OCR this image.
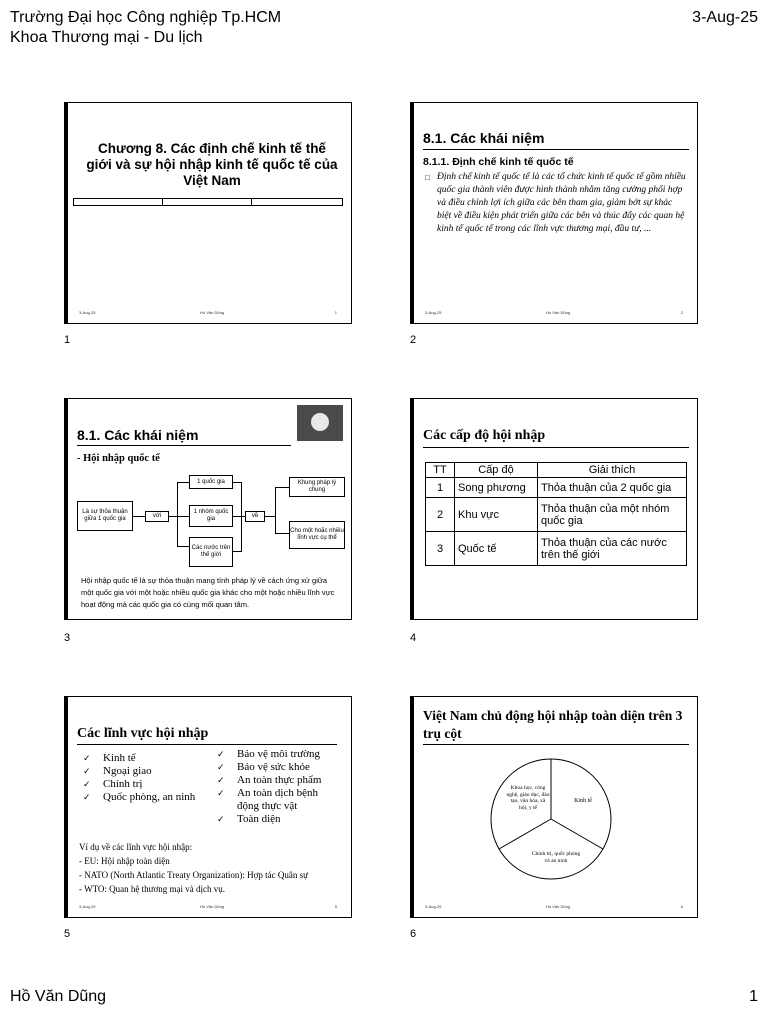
Trường Đại học Công nghiệp Tp.HCM
Khoa Thương mại - Du lịch
3-Aug-25
Chương 8. Các định chế kinh tế thế giới và sự hội nhập kinh tế quốc tế của Việt Nam
3-Aug-25	Hồ Văn Dũng	1
1
8.1. Các khái niệm
8.1.1. Định chế kinh tế quốc tế
□ Định chế kinh tế quốc tế là các tổ chức kinh tế quốc tế gồm nhiều quốc gia thành viên được hình thành nhằm tăng cường phối hợp và điều chỉnh lợi ích giữa các bên tham gia, giảm bớt sự khác biệt về điều kiện phát triển giữa các bên và thúc đẩy các quan hệ kinh tế quốc tế trong các lĩnh vực thương mại, đầu tư, ...
3-Aug-25	Hồ Văn Dũng	2
2
8.1. Các khái niệm
- Hội nhập quốc tế
Là sự thỏa thuận giữa 1 quốc gia	với
1 quốc gia
1 nhóm quốc gia
Các nước trên thế giới
về
Khung pháp lý chung
Cho một hoặc nhiều lĩnh vực cụ thể
Hội nhập quốc tế là sự thỏa thuận mang tính pháp lý về cách ứng xử giữa một quốc gia với một hoặc nhiều quốc gia khác cho một hoặc nhiều lĩnh vực hoạt động mà các quốc gia có cùng mối quan tâm.
3
Các cấp độ hội nhập
TT	Cấp độ	Giải thích
1	Song phương	Thỏa thuận của 2 quốc gia
2	Khu vực	Thỏa thuận của một nhóm quốc gia
3	Quốc tế	Thỏa thuận của các nước trên thế giới
4
Các lĩnh vực hội nhập
✓	Kinh tế
✓	Ngoại giao
✓	Chính trị
✓	Quốc phòng, an ninh
✓	Bảo vệ môi trường
✓	Bảo vệ sức khỏe
✓	An toàn thực phẩm
✓	An toàn dịch bệnh động thực vật
✓	Toàn diện
Ví dụ về các lĩnh vực hội nhập:
- EU: Hội nhập toàn diện
- NATO (North Atlantic Treaty Organization): Hợp tác Quân sự
- WTO: Quan hệ thương mại và dịch vụ.
3-Aug-25	Hồ Văn Dũng	5
5
Việt Nam chủ động hội nhập toàn diện trên 3 trụ cột
Khoa học, công nghệ, giáo dục, đào tạo, văn hóa, xã hội, y tế
Kinh tế
Chính trị, quốc phòng và an ninh
3-Aug-25	Hồ Văn Dũng	6
6
Hồ Văn Dũng	1
